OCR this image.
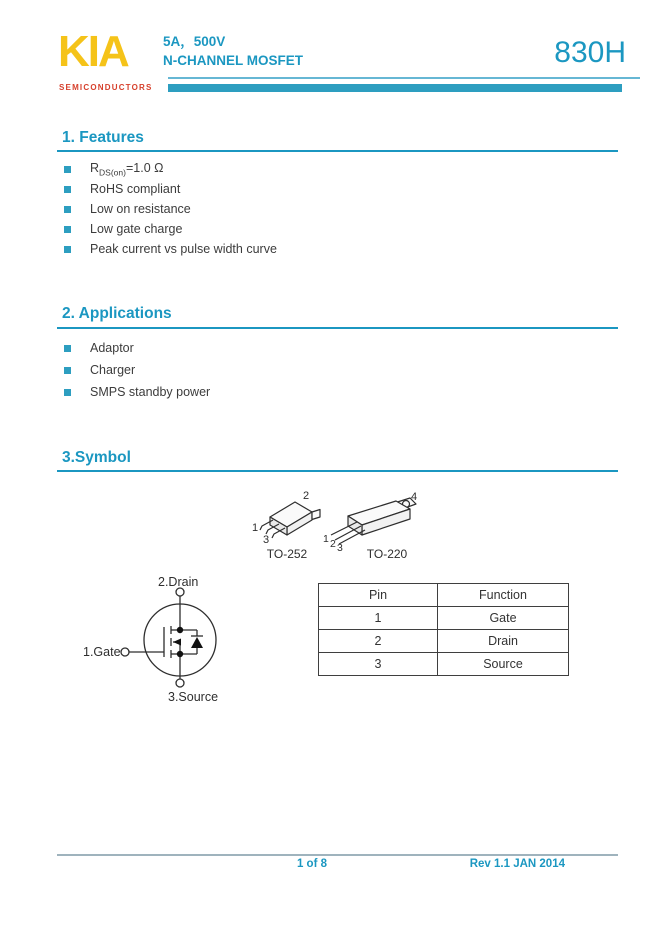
KIA
SEMICONDUCTORS
5A，500V
N-CHANNEL MOSFET	830H
1. Features
$R_{DS(on)}=1.0$ Ω
RoHS compliant
Low on resistance
Low gate charge
Peak current vs pulse width curve
2. Applications
Adaptor
Charger
SMPS standby power
3.Symbol
1
2
3
TO-252
1 2 3
4
TO-220
2.Drain
1.Gate
3.Source
Pin	Function
1	Gate
2	Drain
3	Source
1 of 8	Rev 1.1 JAN 2014
